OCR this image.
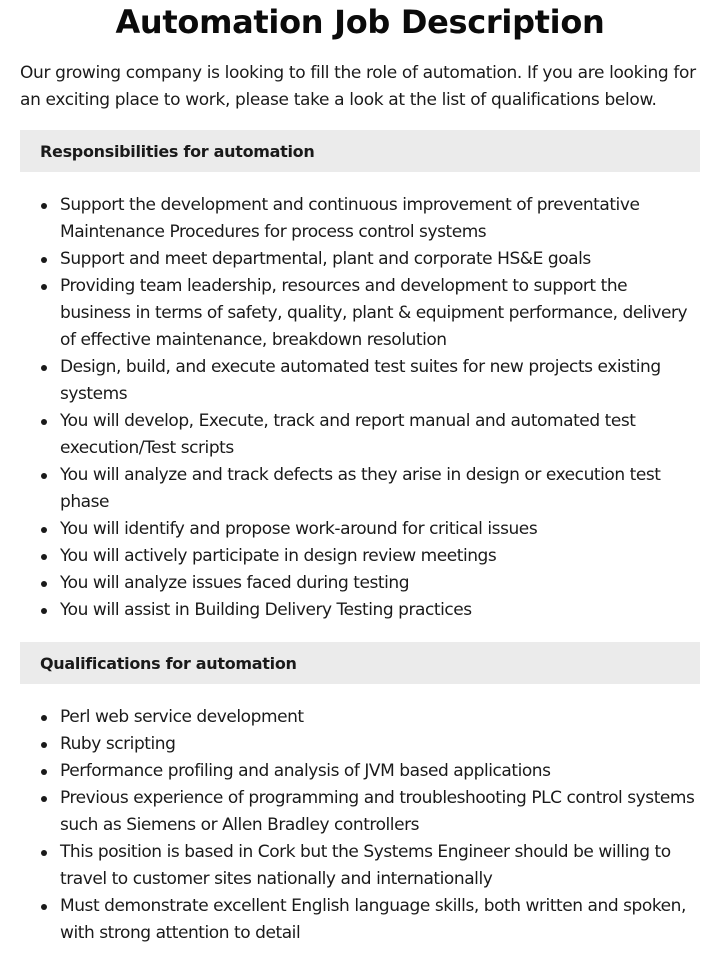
Automation Job Description

Our growing company is looking to fill the role of automation. If you are looking for an exciting place to work, please take a look at the list of qualifications below.

Responsibilities for automation
Support the development and continuous improvement of preventative Maintenance Procedures for process control systems
Support and meet departmental, plant and corporate HS&E goals
Providing team leadership, resources and development to support the business in terms of safety, quality, plant & equipment performance, delivery of effective maintenance, breakdown resolution
Design, build, and execute automated test suites for new projects existing systems
You will develop, Execute, track and report manual and automated test execution/Test scripts
You will analyze and track defects as they arise in design or execution test phase
You will identify and propose work-around for critical issues
You will actively participate in design review meetings
You will analyze issues faced during testing
You will assist in Building Delivery Testing practices
Qualifications for automation
Perl web service development
Ruby scripting
Performance profiling and analysis of JVM based applications
Previous experience of programming and troubleshooting PLC control systems such as Siemens or Allen Bradley controllers
This position is based in Cork but the Systems Engineer should be willing to travel to customer sites nationally and internationally
Must demonstrate excellent English language skills, both written and spoken, with strong attention to detail
